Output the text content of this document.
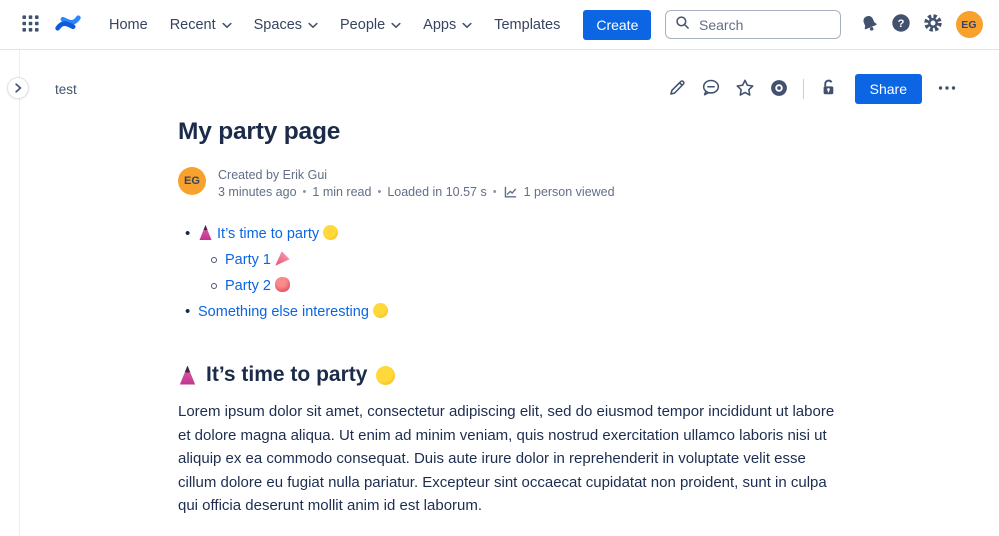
Home Recent	Spaces	People	Apps	Templates	Create
Search	?	EG
test	Share
My party page
EG	Created by Erik Gui
3 minutes ago • 1 min read • Loaded in 10.57 s • 1 person viewed
•	It’s time to party
Party 1
Party 2
• Something else interesting
It’s time to party

Lorem ipsum dolor sit amet, consectetur adipiscing elit, sed do eiusmod tempor incididunt ut labore et dolore magna aliqua. Ut enim ad minim veniam, quis nostrud exercitation ullamco laboris nisi ut aliquip ex ea commodo consequat. Duis aute irure dolor in reprehenderit in voluptate velit esse cillum dolore eu fugiat nulla pariatur. Excepteur sint occaecat cupidatat non proident, sunt in culpa qui officia deserunt mollit anim id est laborum.
